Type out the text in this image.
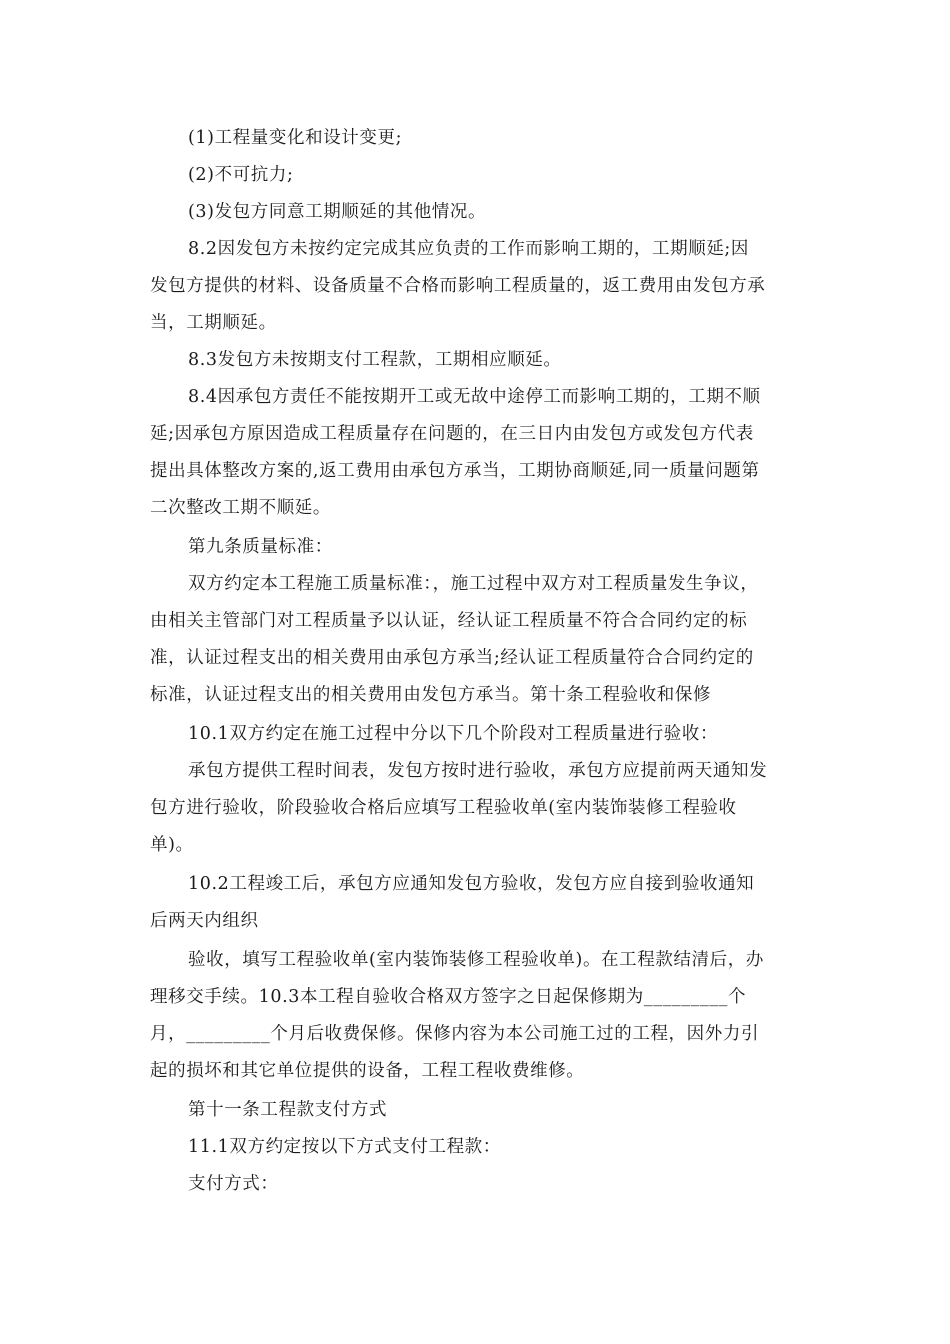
(1)工程量变化和设计变更;
(2)不可抗力;
(3)发包方同意工期顺延的其他情况。
8.2因发包方未按约定完成其应负责的工作而影响工期的，工期顺延;因
发包方提供的材料、设备质量不合格而影响工程质量的，返工费用由发包方承
当，工期顺延。
8.3发包方未按期支付工程款，工期相应顺延。
8.4因承包方责任不能按期开工或无故中途停工而影响工期的，工期不顺
延;因承包方原因造成工程质量存在问题的，在三日内由发包方或发包方代表
提出具体整改方案的,返工费用由承包方承当，工期协商顺延,同一质量问题第
二次整改工期不顺延。
第九条质量标准：
双方约定本工程施工质量标准：，施工过程中双方对工程质量发生争议，
由相关主管部门对工程质量予以认证，经认证工程质量不符合合同约定的标
准，认证过程支出的相关费用由承包方承当;经认证工程质量符合合同约定的
标准，认证过程支出的相关费用由发包方承当。第十条工程验收和保修
10.1双方约定在施工过程中分以下几个阶段对工程质量进行验收：
承包方提供工程时间表，发包方按时进行验收，承包方应提前两天通知发
包方进行验收，阶段验收合格后应填写工程验收单(室内装饰装修工程验收
单)。
10.2工程竣工后，承包方应通知发包方验收，发包方应自接到验收通知
后两天内组织
验收，填写工程验收单(室内装饰装修工程验收单)。在工程款结清后，办
理移交手续。10.3本工程自验收合格双方签字之日起保修期为_________个
月，_________个月后收费保修。保修内容为本公司施工过的工程，因外力引
起的损坏和其它单位提供的设备，工程工程收费维修。
第十一条工程款支付方式
11.1双方约定按以下方式支付工程款：
支付方式：
